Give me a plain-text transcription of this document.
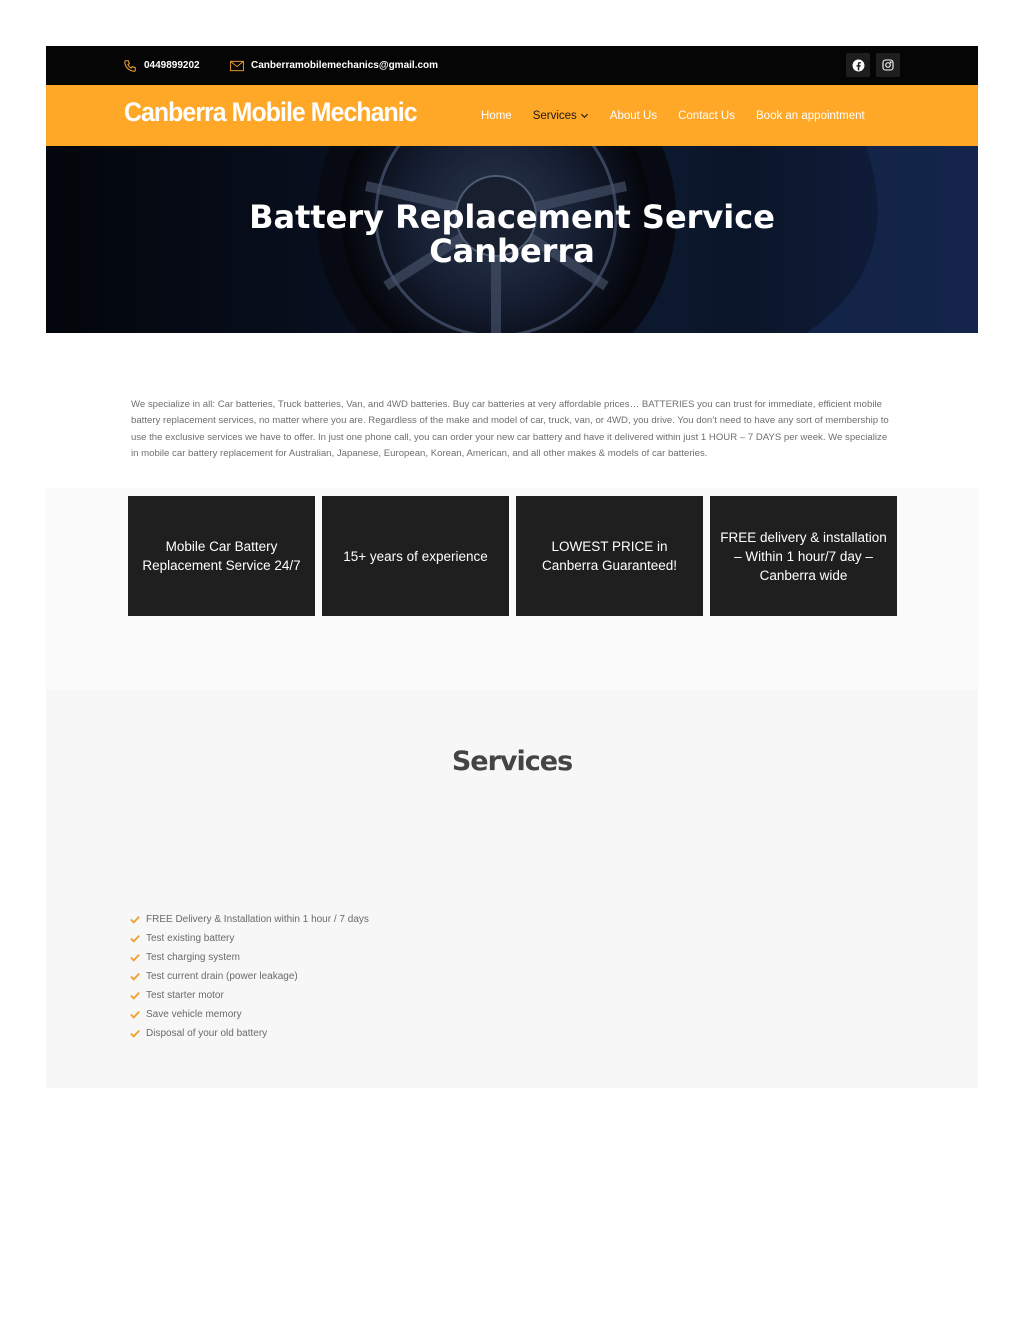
0449899202	Canberramobilemechanics@gmail.com
Canberra Mobile Mechanic	Home Services	About Us Contact Us Book an appointment
Battery Replacement Service
Canberra

We specialize in all: Car batteries, Truck batteries, Van, and 4WD batteries. Buy car batteries at very affordable prices… BATTERIES you can trust for immediate, efficient mobile battery replacement services, no matter where you are. Regardless of the make and model of car, truck, van, or 4WD, you drive. You don’t need to have any sort of membership to use the exclusive services we have to offer. In just one phone call, you can order your new car battery and have it delivered within just 1 HOUR – 7 DAYS per week. We specialize in mobile car battery replacement for Australian, Japanese, European, Korean, American, and all other makes & models of car batteries.

Mobile Car Battery Replacement Service 24/7
15+ years of experience
LOWEST PRICE in Canberra Guaranteed!
FREE delivery & installation – Within 1 hour/7 day – Canberra wide
Services
FREE Delivery & Installation within 1 hour / 7 days
Test existing battery
Test charging system
Test current drain (power leakage)
Test starter motor
Save vehicle memory
Disposal of your old battery
